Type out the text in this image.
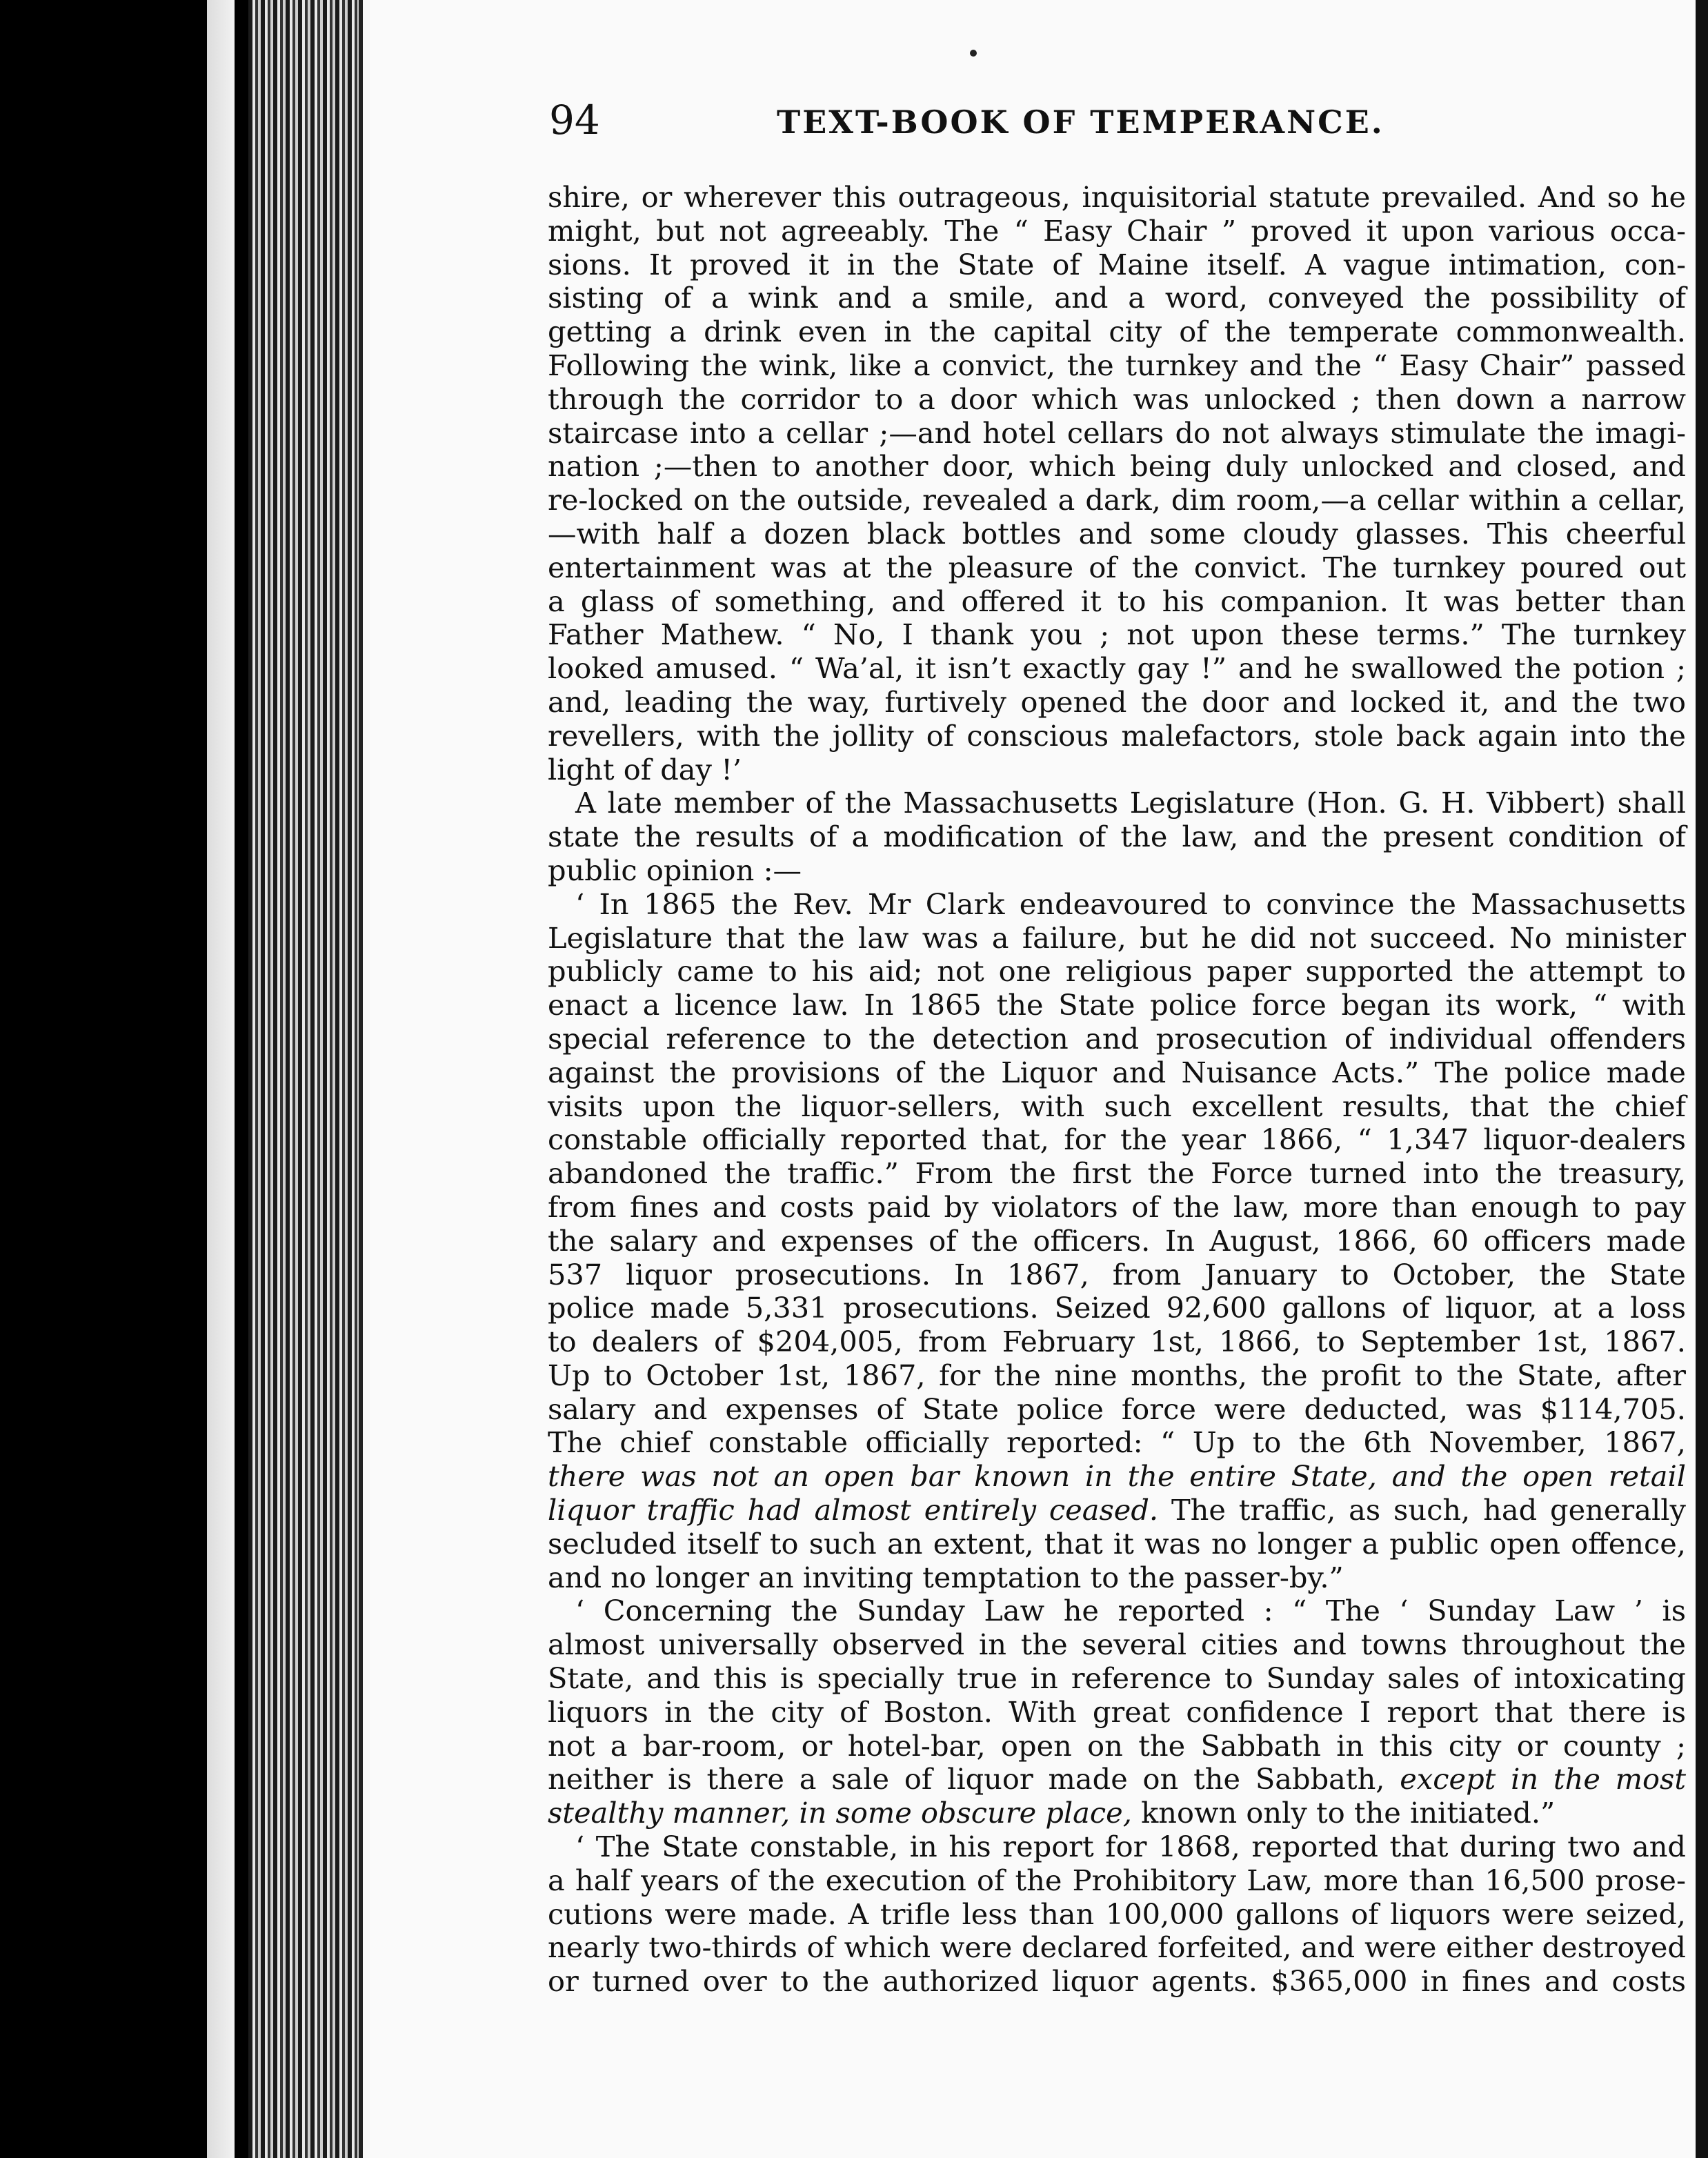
94	TEXT-BOOK OF TEMPERANCE.
shire, or wherever this outrageous, inquisitorial statute prevailed. And so he
might, but not agreeably. The “ Easy Chair ” proved it upon various occa-
sions. It proved it in the State of Maine itself. A vague intimation, con-
sisting of a wink and a smile, and a word, conveyed the possibility of
getting a drink even in the capital city of the temperate commonwealth.
Following the wink, like a convict, the turnkey and the “ Easy Chair” passed
through the corridor to a door which was unlocked ; then down a narrow
staircase into a cellar ;—and hotel cellars do not always stimulate the imagi-
nation ;—then to another door, which being duly unlocked and closed, and
re-locked on the outside, revealed a dark, dim room,—a cellar within a cellar,
—with half a dozen black bottles and some cloudy glasses. This cheerful
entertainment was at the pleasure of the convict. The turnkey poured out
a glass of something, and offered it to his companion. It was better than
Father Mathew. “ No, I thank you ; not upon these terms.” The turnkey
looked amused. “ Wa’al, it isn’t exactly gay !” and he swallowed the potion ;
and, leading the way, furtively opened the door and locked it, and the two
revellers, with the jollity of conscious malefactors, stole back again into the
light of day !’
A late member of the Massachusetts Legislature (Hon. G. H. Vibbert) shall
state the results of a modification of the law, and the present condition of
public opinion :—
‘ In 1865 the Rev. Mr Clark endeavoured to convince the Massachusetts
Legislature that the law was a failure, but he did not succeed. No minister
publicly came to his aid; not one religious paper supported the attempt to
enact a licence law. In 1865 the State police force began its work, “ with
special reference to the detection and prosecution of individual offenders
against the provisions of the Liquor and Nuisance Acts.” The police made
visits upon the liquor-sellers, with such excellent results, that the chief
constable officially reported that, for the year 1866, “ 1,347 liquor-dealers
abandoned the traffic.” From the first the Force turned into the treasury,
from fines and costs paid by violators of the law, more than enough to pay
the salary and expenses of the officers. In August, 1866, 60 officers made
537 liquor prosecutions. In 1867, from January to October, the State
police made 5,331 prosecutions. Seized 92,600 gallons of liquor, at a loss
to dealers of $204,005, from February 1st, 1866, to September 1st, 1867.
Up to October 1st, 1867, for the nine months, the profit to the State, after
salary and expenses of State police force were deducted, was $114,705.
The chief constable officially reported: “ Up to the 6th November, 1867,
there was not an open bar known in the entire State, and the open retail
liquor traffic had almost entirely ceased. The traffic, as such, had generally
secluded itself to such an extent, that it was no longer a public open offence,
and no longer an inviting temptation to the passer-by.”
‘ Concerning the Sunday Law he reported : “ The ‘ Sunday Law ’ is
almost universally observed in the several cities and towns throughout the
State, and this is specially true in reference to Sunday sales of intoxicating
liquors in the city of Boston. With great confidence I report that there is
not a bar-room, or hotel-bar, open on the Sabbath in this city or county ;
neither is there a sale of liquor made on the Sabbath, except in the most
stealthy manner, in some obscure place, known only to the initiated.”
‘ The State constable, in his report for 1868, reported that during two and
a half years of the execution of the Prohibitory Law, more than 16,500 prose-
cutions were made. A trifle less than 100,000 gallons of liquors were seized,
nearly two-thirds of which were declared forfeited, and were either destroyed
or turned over to the authorized liquor agents. $365,000 in fines and costs
